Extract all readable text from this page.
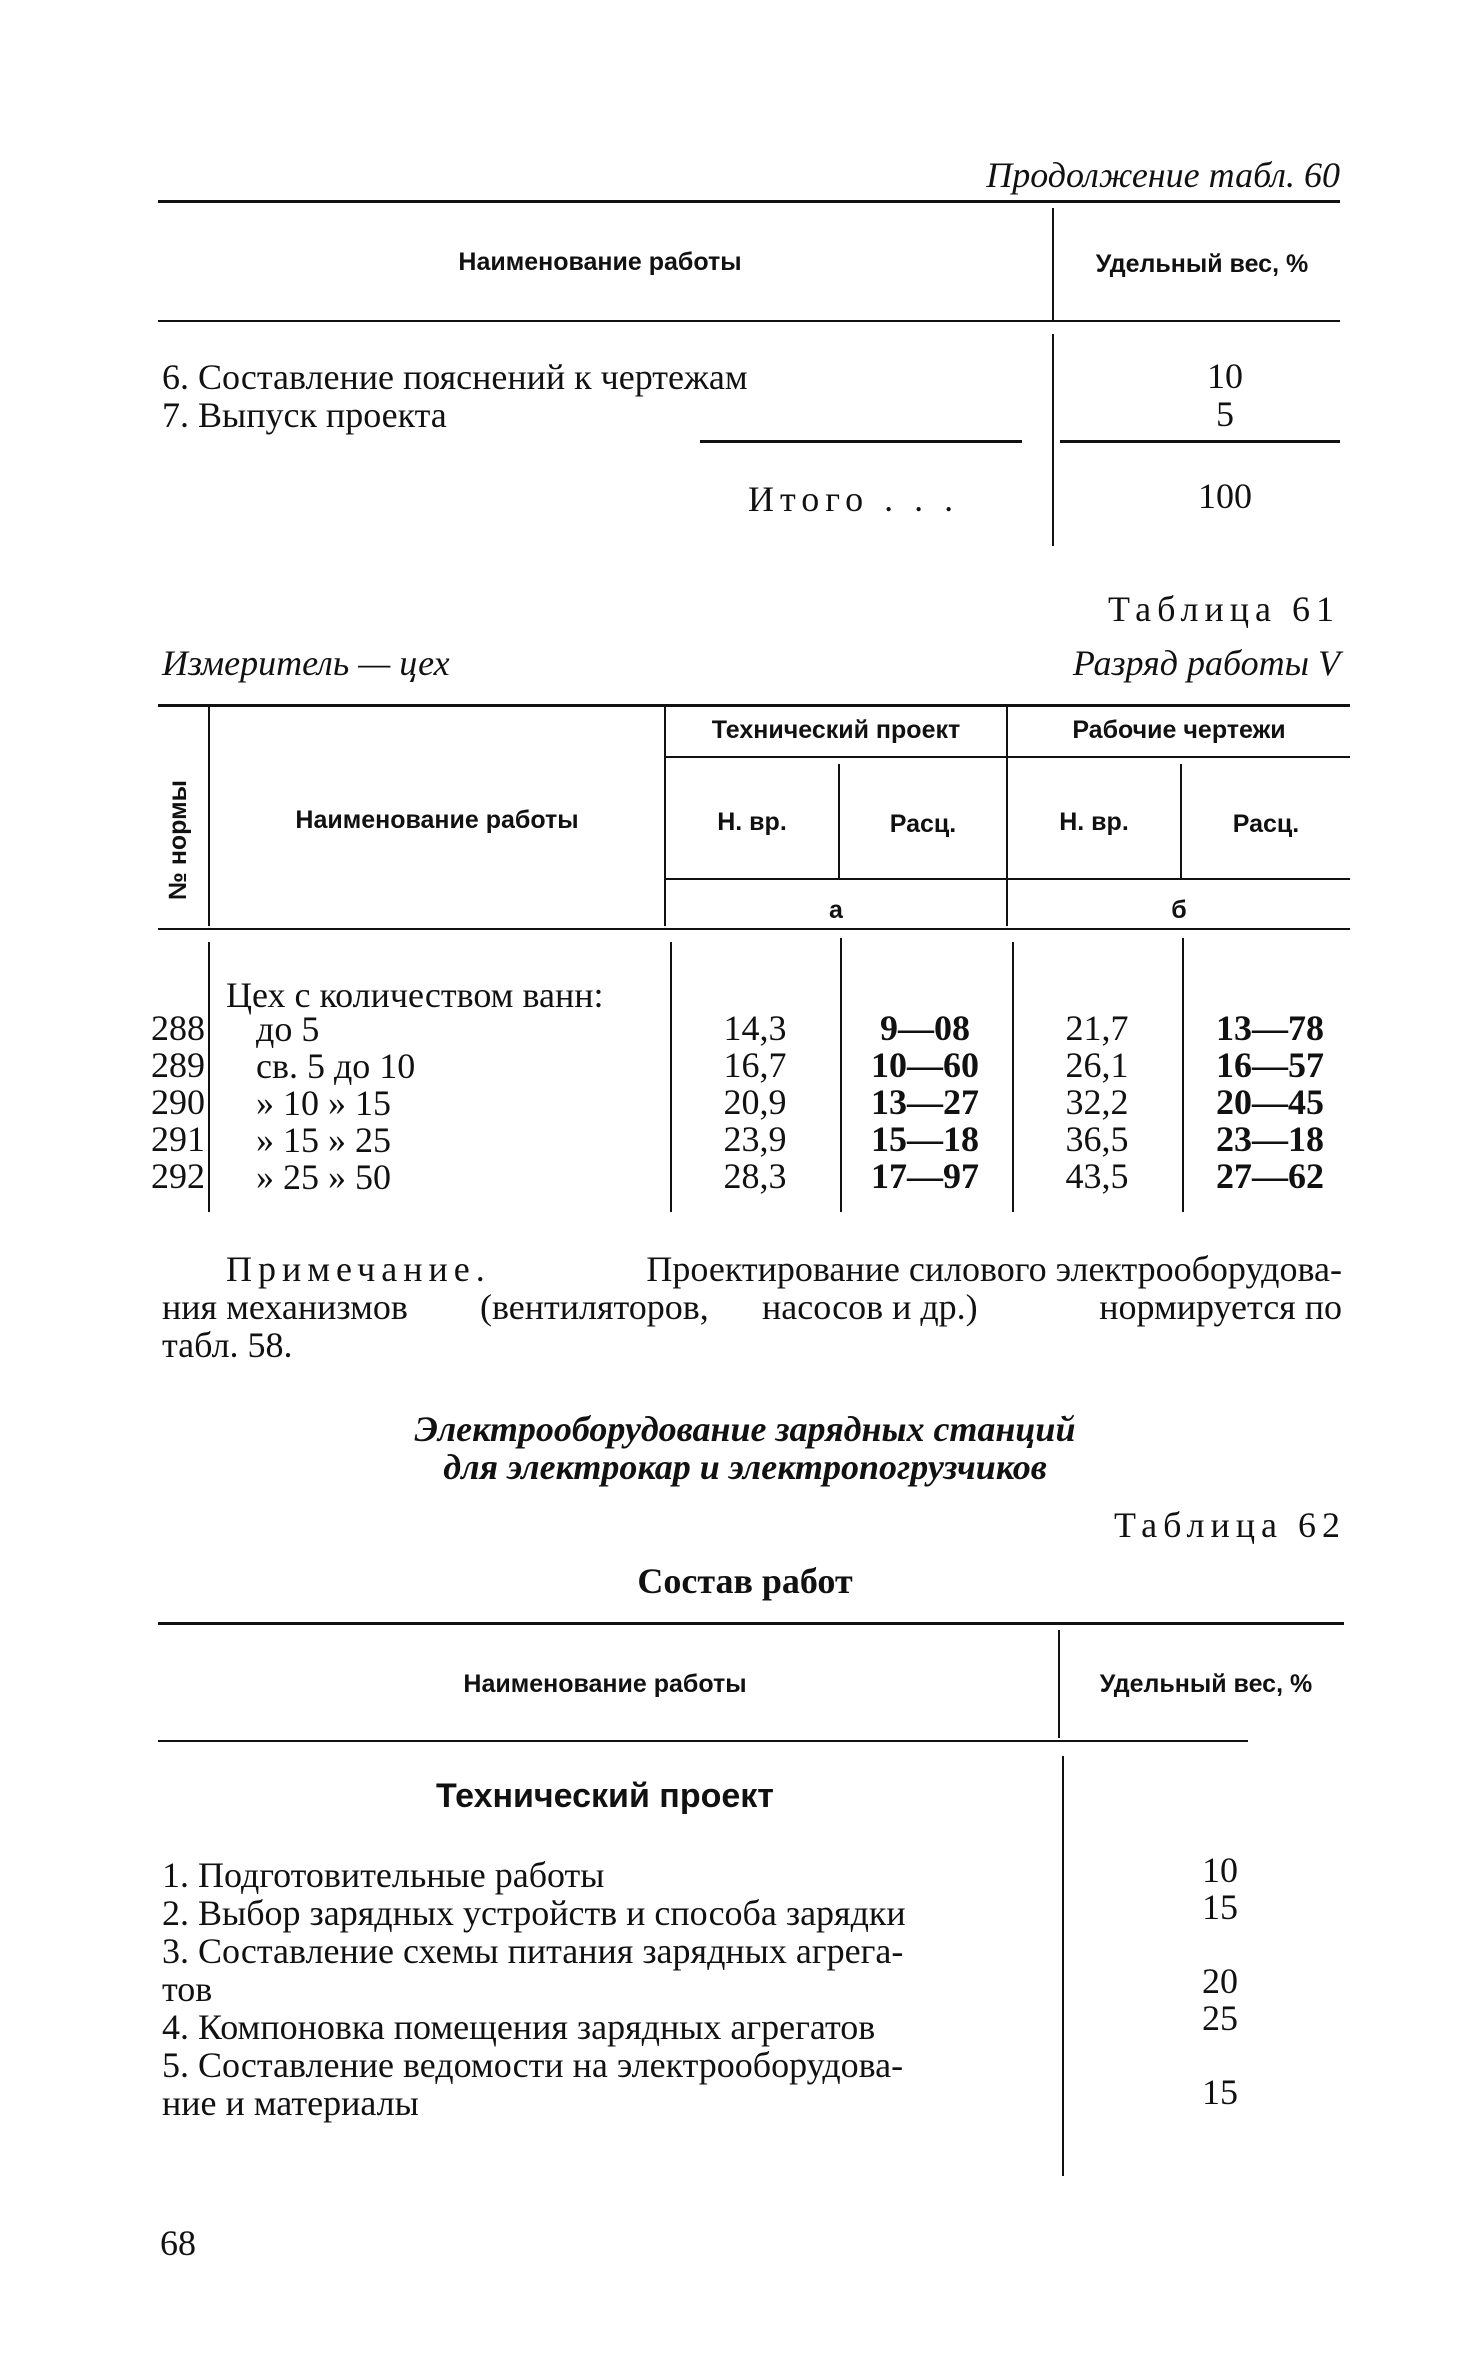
Продолжение табл. 60
Наименование работы	Удельный вес, %
6. Составление пояснений к чертежам	10
7. Выпуск проекта	5
Итого . . .	100
Таблица 61
Измеритель — цех	Разряд работы V
№ нормы	Наименование работы
Технический проект	Рабочие чертежи
Н. вр.	Расц.	Н. вр.	Расц.
а	б
Цех с количеством ванн:
288 до 5	14,3	9—08	21,7	13—78
289 св. 5 до 10	16,7	10—60	26,1	16—57
290 » 10 » 15	20,9	13—27	32,2	20—45
291 » 15 » 25	23,9	15—18	36,5	23—18
292 » 25 » 50	28,3	17—97	43,5	27—62
Примечание.	Проектирование силового электрооборудова-
ния механизмов (вентиляторов, насосов и др.)	нормируется по
табл. 58.
Электрооборудование зарядных станций
для электрокар и электропогрузчиков
Таблица 62
Состав работ
Наименование работы	Удельный вес, %
Технический проект
1. Подготовительные работы	10
2. Выбор зарядных устройств и способа зарядки	15
3. Составление схемы питания зарядных агрега-
тов	20
4. Компоновка помещения зарядных агрегатов	25
5. Составление ведомости на электрооборудова-
ние и материалы	15
68
